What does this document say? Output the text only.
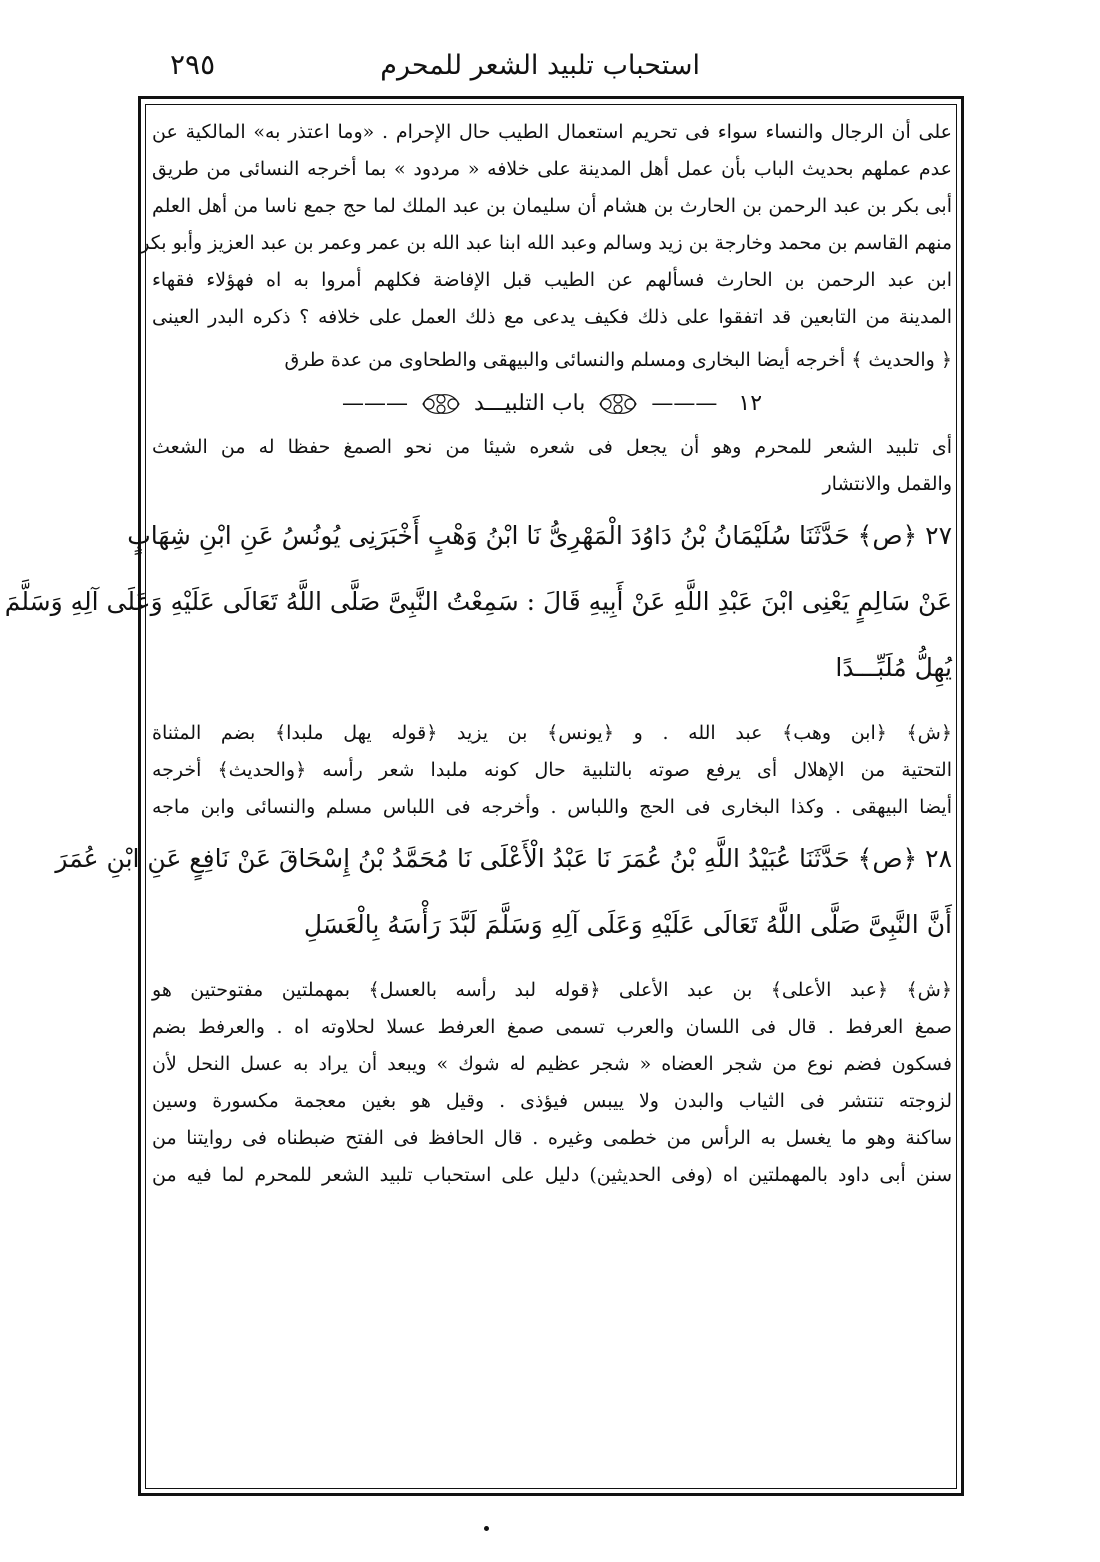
استحباب تلبيد الشعر للمحرم
٢٩٥
على أن الرجال والنساء سواء فى تحريم استعمال الطيب حال الإحرام . «وما اعتذر به» المالكية عن
عدم عملهم بحديث الباب بأن عمل أهل المدينة على خلافه « مردود » بما أخرجه النسائى من طريق
أبى بكر بن عبد الرحمن بن الحارث بن هشام أن سليمان بن عبد الملك لما حج جمع ناسا من أهل العلم
منهم القاسم بن محمد وخارجة بن زيد وسالم وعبد الله ابنا عبد الله بن عمر وعمر بن عبد العزيز وأبو بكر
ابن عبد الرحمن بن الحارث فسألهم عن الطيب قبل الإفاضة فكلهم أمروا به اه فهؤلاء فقهاء
المدينة من التابعين قد اتفقوا على ذلك فكيف يدعى مع ذلك العمل على خلافه ؟ ذكره البدر العينى
﴿ والحديث ﴾ أخرجه أيضا البخارى ومسلم والنسائى والبيهقى والطحاوى من عدة طرق
١٢ ———  باب التلبيـــد  ———
أى تلبيد الشعر للمحرم وهو أن يجعل فى شعره شيئا من نحو الصمغ حفظا له من الشعث
والقمل والانتشار
٢٧ ﴿ص﴾ حَدَّثَنَا سُلَيْمَانُ بْنُ دَاوُدَ الْمَهْرِىُّ نَا ابْنُ وَهْبٍ أَخْبَرَنِى يُونُسُ عَنِ ابْنِ شِهَابٍ
عَنْ سَالِمٍ يَعْنِى ابْنَ عَبْدِ اللَّهِ عَنْ أَبِيهِ قَالَ : سَمِعْتُ النَّبِىَّ صَلَّى اللَّهُ تَعَالَى عَلَيْهِ وَعَلَى آلِهِ وَسَلَّمَ
يُهِلُّ مُلَبِّـــدًا
﴿ش﴾ ﴿ابن وهب﴾ عبد الله . و ﴿يونس﴾ بن يزيد ﴿قوله يهل ملبدا﴾ بضم المثناة
التحتية من الإهلال أى يرفع صوته بالتلبية حال كونه ملبدا شعر رأسه ﴿والحديث﴾ أخرجه
أيضا البيهقى . وكذا البخارى فى الحج واللباس . وأخرجه فى اللباس مسلم والنسائى وابن ماجه
٢٨ ﴿ص﴾ حَدَّثَنَا عُبَيْدُ اللَّهِ بْنُ عُمَرَ نَا عَبْدُ الْأَعْلَى نَا مُحَمَّدُ بْنُ إِسْحَاقَ عَنْ نَافِعٍ عَنِ ابْنِ عُمَرَ
أَنَّ النَّبِىَّ صَلَّى اللَّهُ تَعَالَى عَلَيْهِ وَعَلَى آلِهِ وَسَلَّمَ لَبَّدَ رَأْسَهُ بِالْعَسَلِ
﴿ش﴾ ﴿عبد الأعلى﴾ بن عبد الأعلى ﴿قوله لبد رأسه بالعسل﴾ بمهملتين مفتوحتين هو
صمغ العرفط . قال فى اللسان والعرب تسمى صمغ العرفط عسلا لحلاوته اه . والعرفط بضم
فسكون فضم نوع من شجر العضاه « شجر عظيم له شوك » ويبعد أن يراد به عسل النحل لأن
لزوجته تنتشر فى الثياب والبدن ولا ييبس فيؤذى . وقيل هو بغين معجمة مكسورة وسين
ساكنة وهو ما يغسل به الرأس من خطمى وغيره . قال الحافظ فى الفتح ضبطناه فى روايتنا من
سنن أبى داود بالمهملتين اه (وفى الحديثين) دليل على استحباب تلبيد الشعر للمحرم لما فيه من
